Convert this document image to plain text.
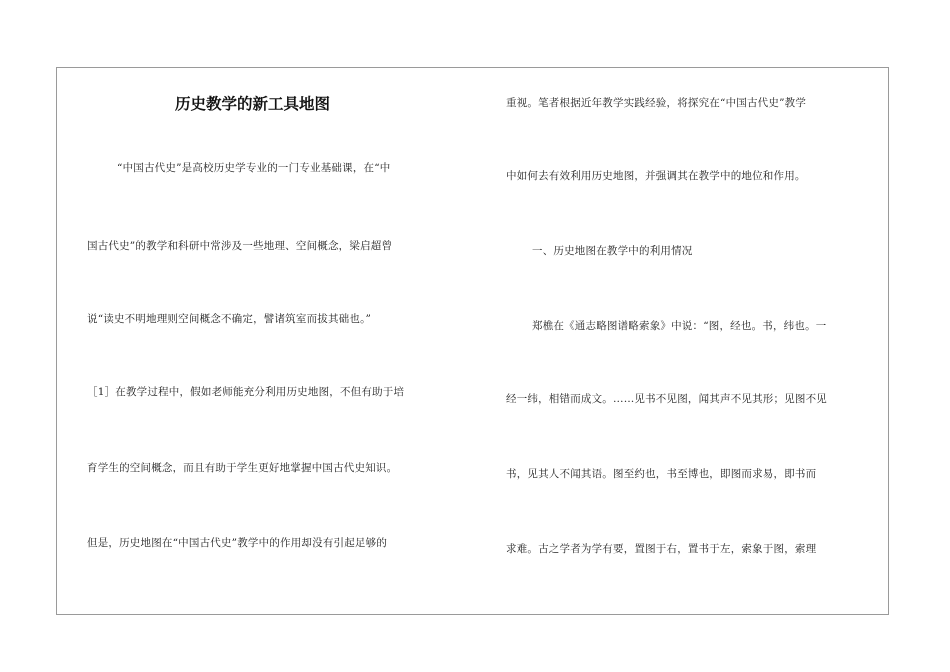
历史教学的新工具地图

“中国古代史”是高校历史学专业的一门专业基础课，在“中

国古代史”的教学和科研中常涉及一些地理、空间概念，梁启超曾

说“读史不明地理则空间概念不确定，譬诸筑室而拔其础也。”

［1］在教学过程中，假如老师能充分利用历史地图，不但有助于培

育学生的空间概念，而且有助于学生更好地掌握中国古代史知识。

但是，历史地图在“中国古代史”教学中的作用却没有引起足够的

重视。笔者根据近年教学实践经验，将探究在“中国古代史”教学

中如何去有效利用历史地图，并强调其在教学中的地位和作用。

一、历史地图在教学中的利用情况

郑樵在《通志略图谱略索象》中说：“图，经也。书，纬也。一

经一纬，相错而成文。……见书不见图，闻其声不见其形；见图不见

书，见其人不闻其语。图至约也，书至博也，即图而求易，即书而

求难。古之学者为学有要，置图于右，置书于左，索象于图，索理
